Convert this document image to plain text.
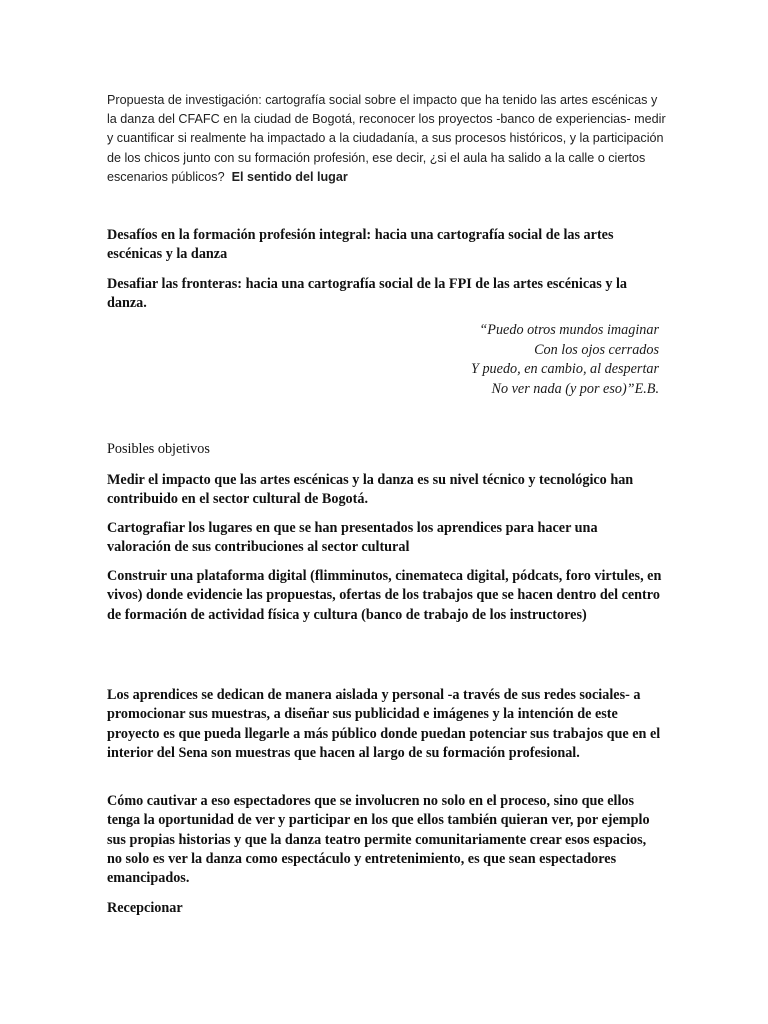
Propuesta de investigación: cartografía social sobre el impacto que ha tenido las artes escénicas y la danza del CFAFC en la ciudad de Bogotá, reconocer los proyectos -banco de experiencias- medir y cuantificar si realmente ha impactado a la ciudadanía, a sus procesos históricos, y la participación de los chicos junto con su formación profesión, ese decir, ¿si el aula ha salido a la calle o ciertos escenarios públicos? El sentido del lugar

Desafíos en la formación profesión integral: hacia una cartografía social de las artes escénicas y la danza

Desafiar las fronteras: hacia una cartografía social de la FPI de las artes escénicas y la danza.

“Puedo otros mundos imaginar
Con los ojos cerrados
Y puedo, en cambio, al despertar
No ver nada (y por eso)”E.B.

Posibles objetivos

Medir el impacto que las artes escénicas y la danza es su nivel técnico y tecnológico han contribuido en el sector cultural de Bogotá.

Cartografiar los lugares en que se han presentados los aprendices para hacer una valoración de sus contribuciones al sector cultural

Construir una plataforma digital (flimminutos, cinemateca digital, pódcats, foro virtules, en vivos) donde evidencie las propuestas, ofertas de los trabajos que se hacen dentro del centro de formación de actividad física y cultura (banco de trabajo de los instructores)

Los aprendices se dedican de manera aislada y personal -a través de sus redes sociales- a promocionar sus muestras, a diseñar sus publicidad e imágenes y la intención de este proyecto es que pueda llegarle a más público donde puedan potenciar sus trabajos que en el interior del Sena son muestras que hacen al largo de su formación profesional.

Cómo cautivar a eso espectadores que se involucren no solo en el proceso, sino que ellos tenga la oportunidad de ver y participar en los que ellos también quieran ver, por ejemplo sus propias historias y que la danza teatro permite comunitariamente crear esos espacios, no solo es ver la danza como espectáculo y entretenimiento, es que sean espectadores emancipados.

Recepcionar
